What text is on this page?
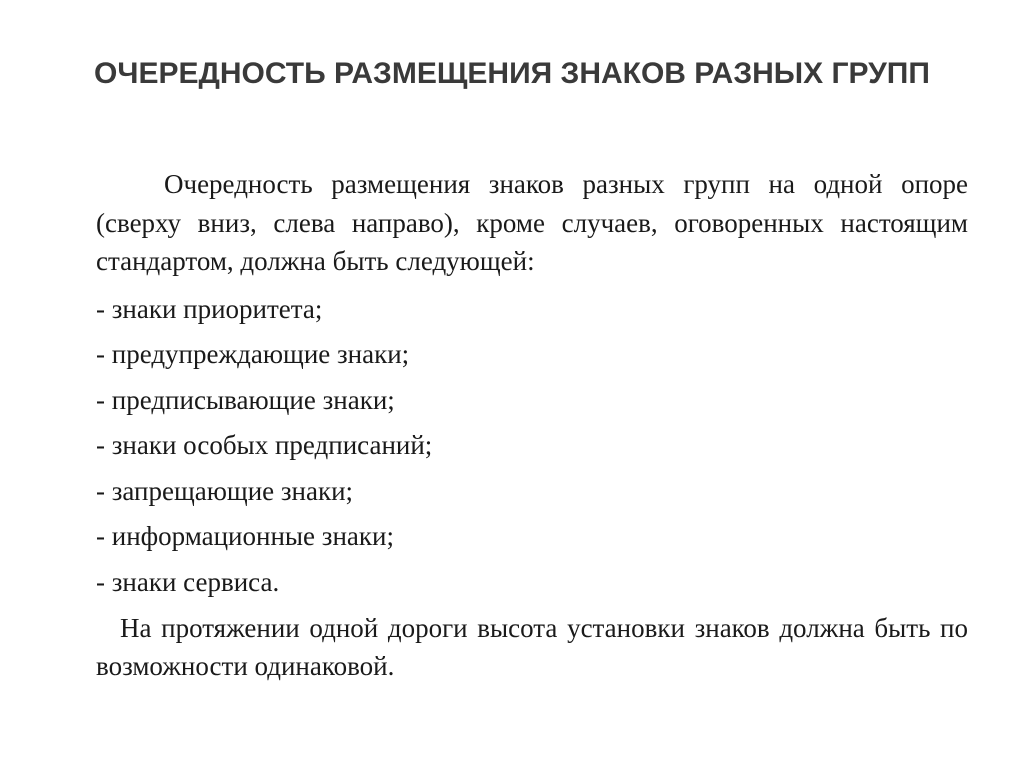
ОЧЕРЕДНОСТЬ РАЗМЕЩЕНИЯ ЗНАКОВ РАЗНЫХ ГРУПП

Очередность размещения знаков разных групп на одной опоре (сверху вниз, слева направо), кроме случаев, оговоренных настоящим стандартом, должна быть следующей:

- знаки приоритета;
- предупреждающие знаки;
- предписывающие знаки;
- знаки особых предписаний;
- запрещающие знаки;
- информационные знаки;
- знаки сервиса.

На протяжении одной дороги высота установки знаков должна быть по возможности одинаковой.
